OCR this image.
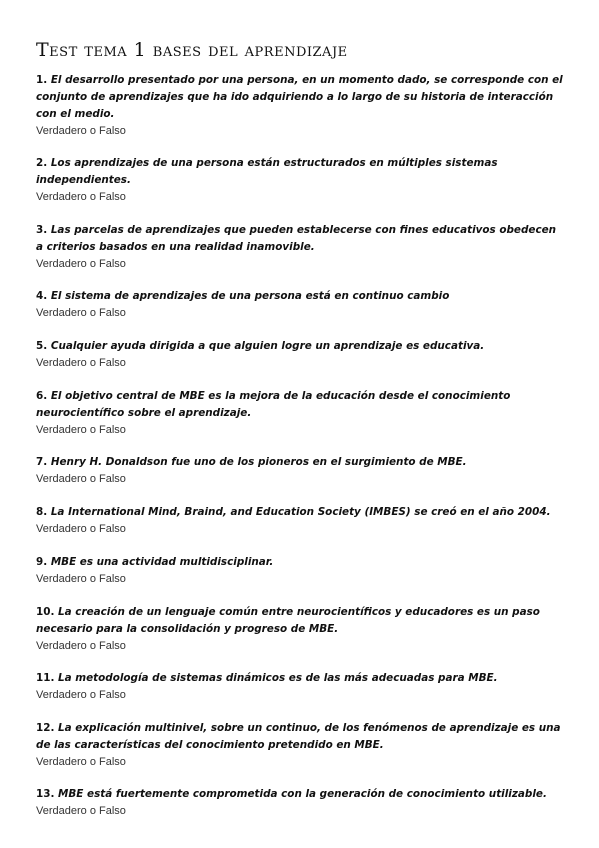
Test tema 1 bases del aprendizaje

1. El desarrollo presentado por una persona, en un momento dado, se corresponde con el conjunto de aprendizajes que ha ido adquiriendo a lo largo de su historia de interacción con el medio.

Verdadero o Falso

2. Los aprendizajes de una persona están estructurados en múltiples sistemas independientes.

Verdadero o Falso

3. Las parcelas de aprendizajes que pueden establecerse con fines educativos obedecen a criterios basados en una realidad inamovible.

Verdadero o Falso

4. El sistema de aprendizajes de una persona está en continuo cambio

Verdadero o Falso

5. Cualquier ayuda dirigida a que alguien logre un aprendizaje es educativa.

Verdadero o Falso

6. El objetivo central de MBE es la mejora de la educación desde el conocimiento neurocientífico sobre el aprendizaje.

Verdadero o Falso

7. Henry H. Donaldson fue uno de los pioneros en el surgimiento de MBE.

Verdadero o Falso

8. La International Mind, Braind, and Education Society (IMBES) se creó en el año 2004.

Verdadero o Falso

9. MBE es una actividad multidisciplinar.

Verdadero o Falso

10. La creación de un lenguaje común entre neurocientíficos y educadores es un paso necesario para la consolidación y progreso de MBE.

Verdadero o Falso

11. La metodología de sistemas dinámicos es de las más adecuadas para MBE.

Verdadero o Falso

12. La explicación multinivel, sobre un continuo, de los fenómenos de aprendizaje es una de las características del conocimiento pretendido en MBE.

Verdadero o Falso

13. MBE está fuertemente comprometida con la generación de conocimiento utilizable.

Verdadero o Falso
